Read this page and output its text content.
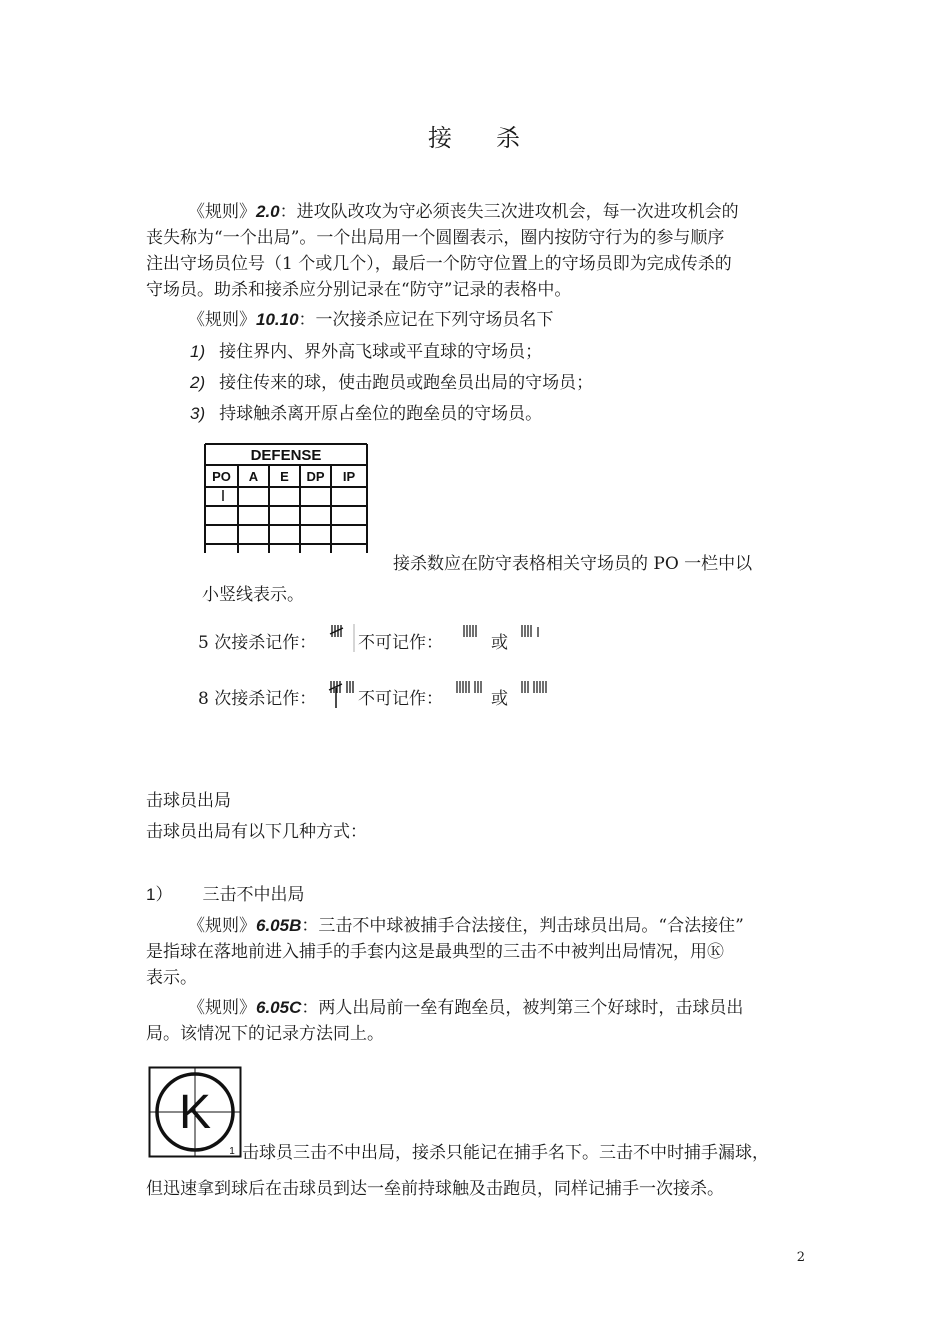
接 杀
《规则》2.0：进攻队改攻为守必须丧失三次进攻机会，每一次进攻机会的
丧失称为“一个出局”。一个出局用一个圆圈表示，圈内按防守行为的参与顺序
注出守场员位号（1 个或几个），最后一个防守位置上的守场员即为完成传杀的
守场员。助杀和接杀应分别记录在“防守”记录的表格中。
《规则》10.10：一次接杀应记在下列守场员名下
1) 接住界内、界外高飞球或平直球的守场员；
2) 接住传来的球，使击跑员或跑垒员出局的守场员；
3) 持球触杀离开原占垒位的跑垒员的守场员。
DEFENSE
PO A E DP IP
接杀数应在防守表格相关守场员的 PO 一栏中以
小竖线表示。
5 次接杀记作： 不可记作：	或
8 次接杀记作： 不可记作：	或
击球员出局
击球员出局有以下几种方式：
1） 三击不中出局
《规则》6.05B：三击不中球被捕手合法接住，判击球员出局。“合法接住”
是指球在落地前进入捕手的手套内这是最典型的三击不中被判出局情况，用Ⓚ
表示。
《规则》6.05C：两人出局前一垒有跑垒员，被判第三个好球时，击球员出
局。该情况下的记录方法同上。
K
1 击球员三击不中出局，接杀只能记在捕手名下。三击不中时捕手漏球，
但迅速拿到球后在击球员到达一垒前持球触及击跑员，同样记捕手一次接杀。
2
